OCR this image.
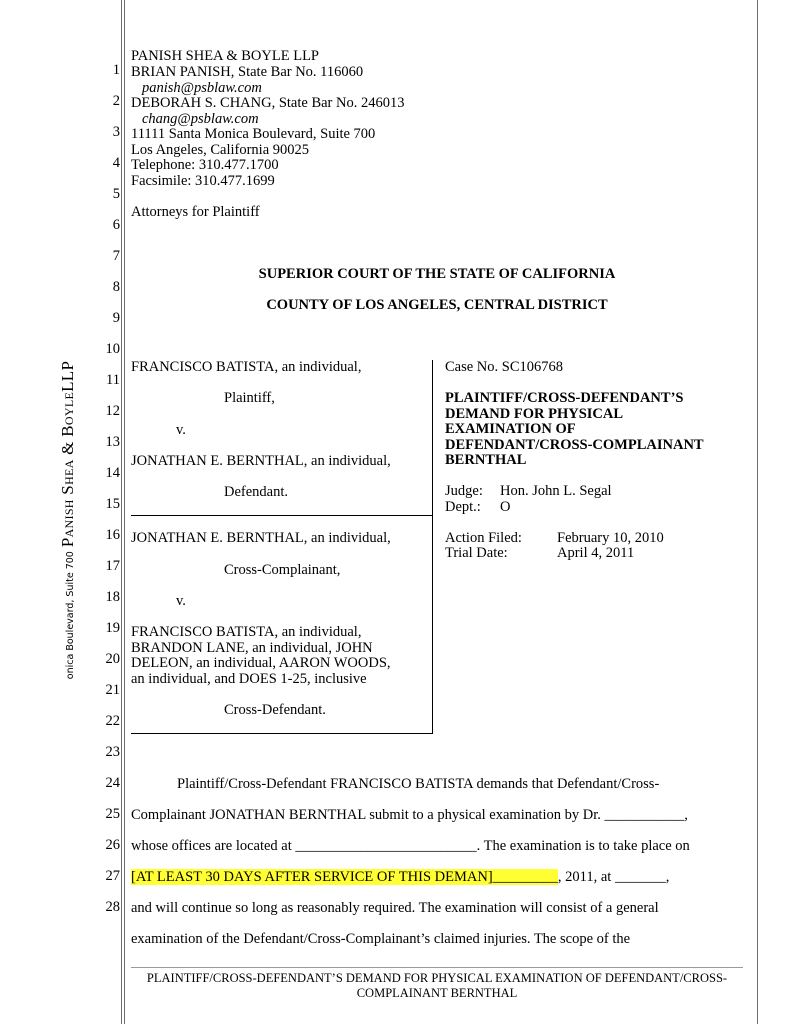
onica Boulevard, Suite 700
Panish Shea & BoyleLLP
1
2
3
4
5
6
7
8
9
10
11
12
13
14
15
16
17
18
19
20
21
22
23
24
25
26
27
28
PANISH SHEA & BOYLE LLP
BRIAN PANISH, State Bar No. 116060
panish@psblaw.com
DEBORAH S. CHANG, State Bar No. 246013
chang@psblaw.com
11111 Santa Monica Boulevard, Suite 700
Los Angeles, California 90025
Telephone: 310.477.1700
Facsimile: 310.477.1699
Attorneys for Plaintiff
SUPERIOR COURT OF THE STATE OF CALIFORNIA
COUNTY OF LOS ANGELES, CENTRAL DISTRICT
FRANCISCO BATISTA, an individual,
Plaintiff,
v.
JONATHAN E. BERNTHAL, an individual,
Defendant.
JONATHAN E. BERNTHAL, an individual,
Cross-Complainant,
v.
FRANCISCO BATISTA, an individual,
BRANDON LANE, an individual, JOHN
DELEON, an individual, AARON WOODS,
an individual, and DOES 1-25, inclusive
Cross-Defendant.
Case No. SC106768
PLAINTIFF/CROSS-DEFENDANT’S
DEMAND FOR PHYSICAL
EXAMINATION OF
DEFENDANT/CROSS-COMPLAINANT
BERNTHAL
Judge: Hon. John L. Segal
Dept.: O
Action Filed: February 10, 2010
Trial Date:	April 4, 2011
Plaintiff/Cross-Defendant FRANCISCO BATISTA demands that Defendant/Cross-
Complainant JONATHAN BERNTHAL submit to a physical examination by Dr. ___________,
whose offices are located at _________________________. The examination is to take place on
[AT LEAST 30 DAYS AFTER SERVICE OF THIS DEMAN]_________, 2011, at _______,
and will continue so long as reasonably required. The examination will consist of a general
examination of the Defendant/Cross-Complainant’s claimed injuries. The scope of the
PLAINTIFF/CROSS-DEFENDANT’S DEMAND FOR PHYSICAL EXAMINATION OF DEFENDANT/CROSS-
COMPLAINANT BERNTHAL
